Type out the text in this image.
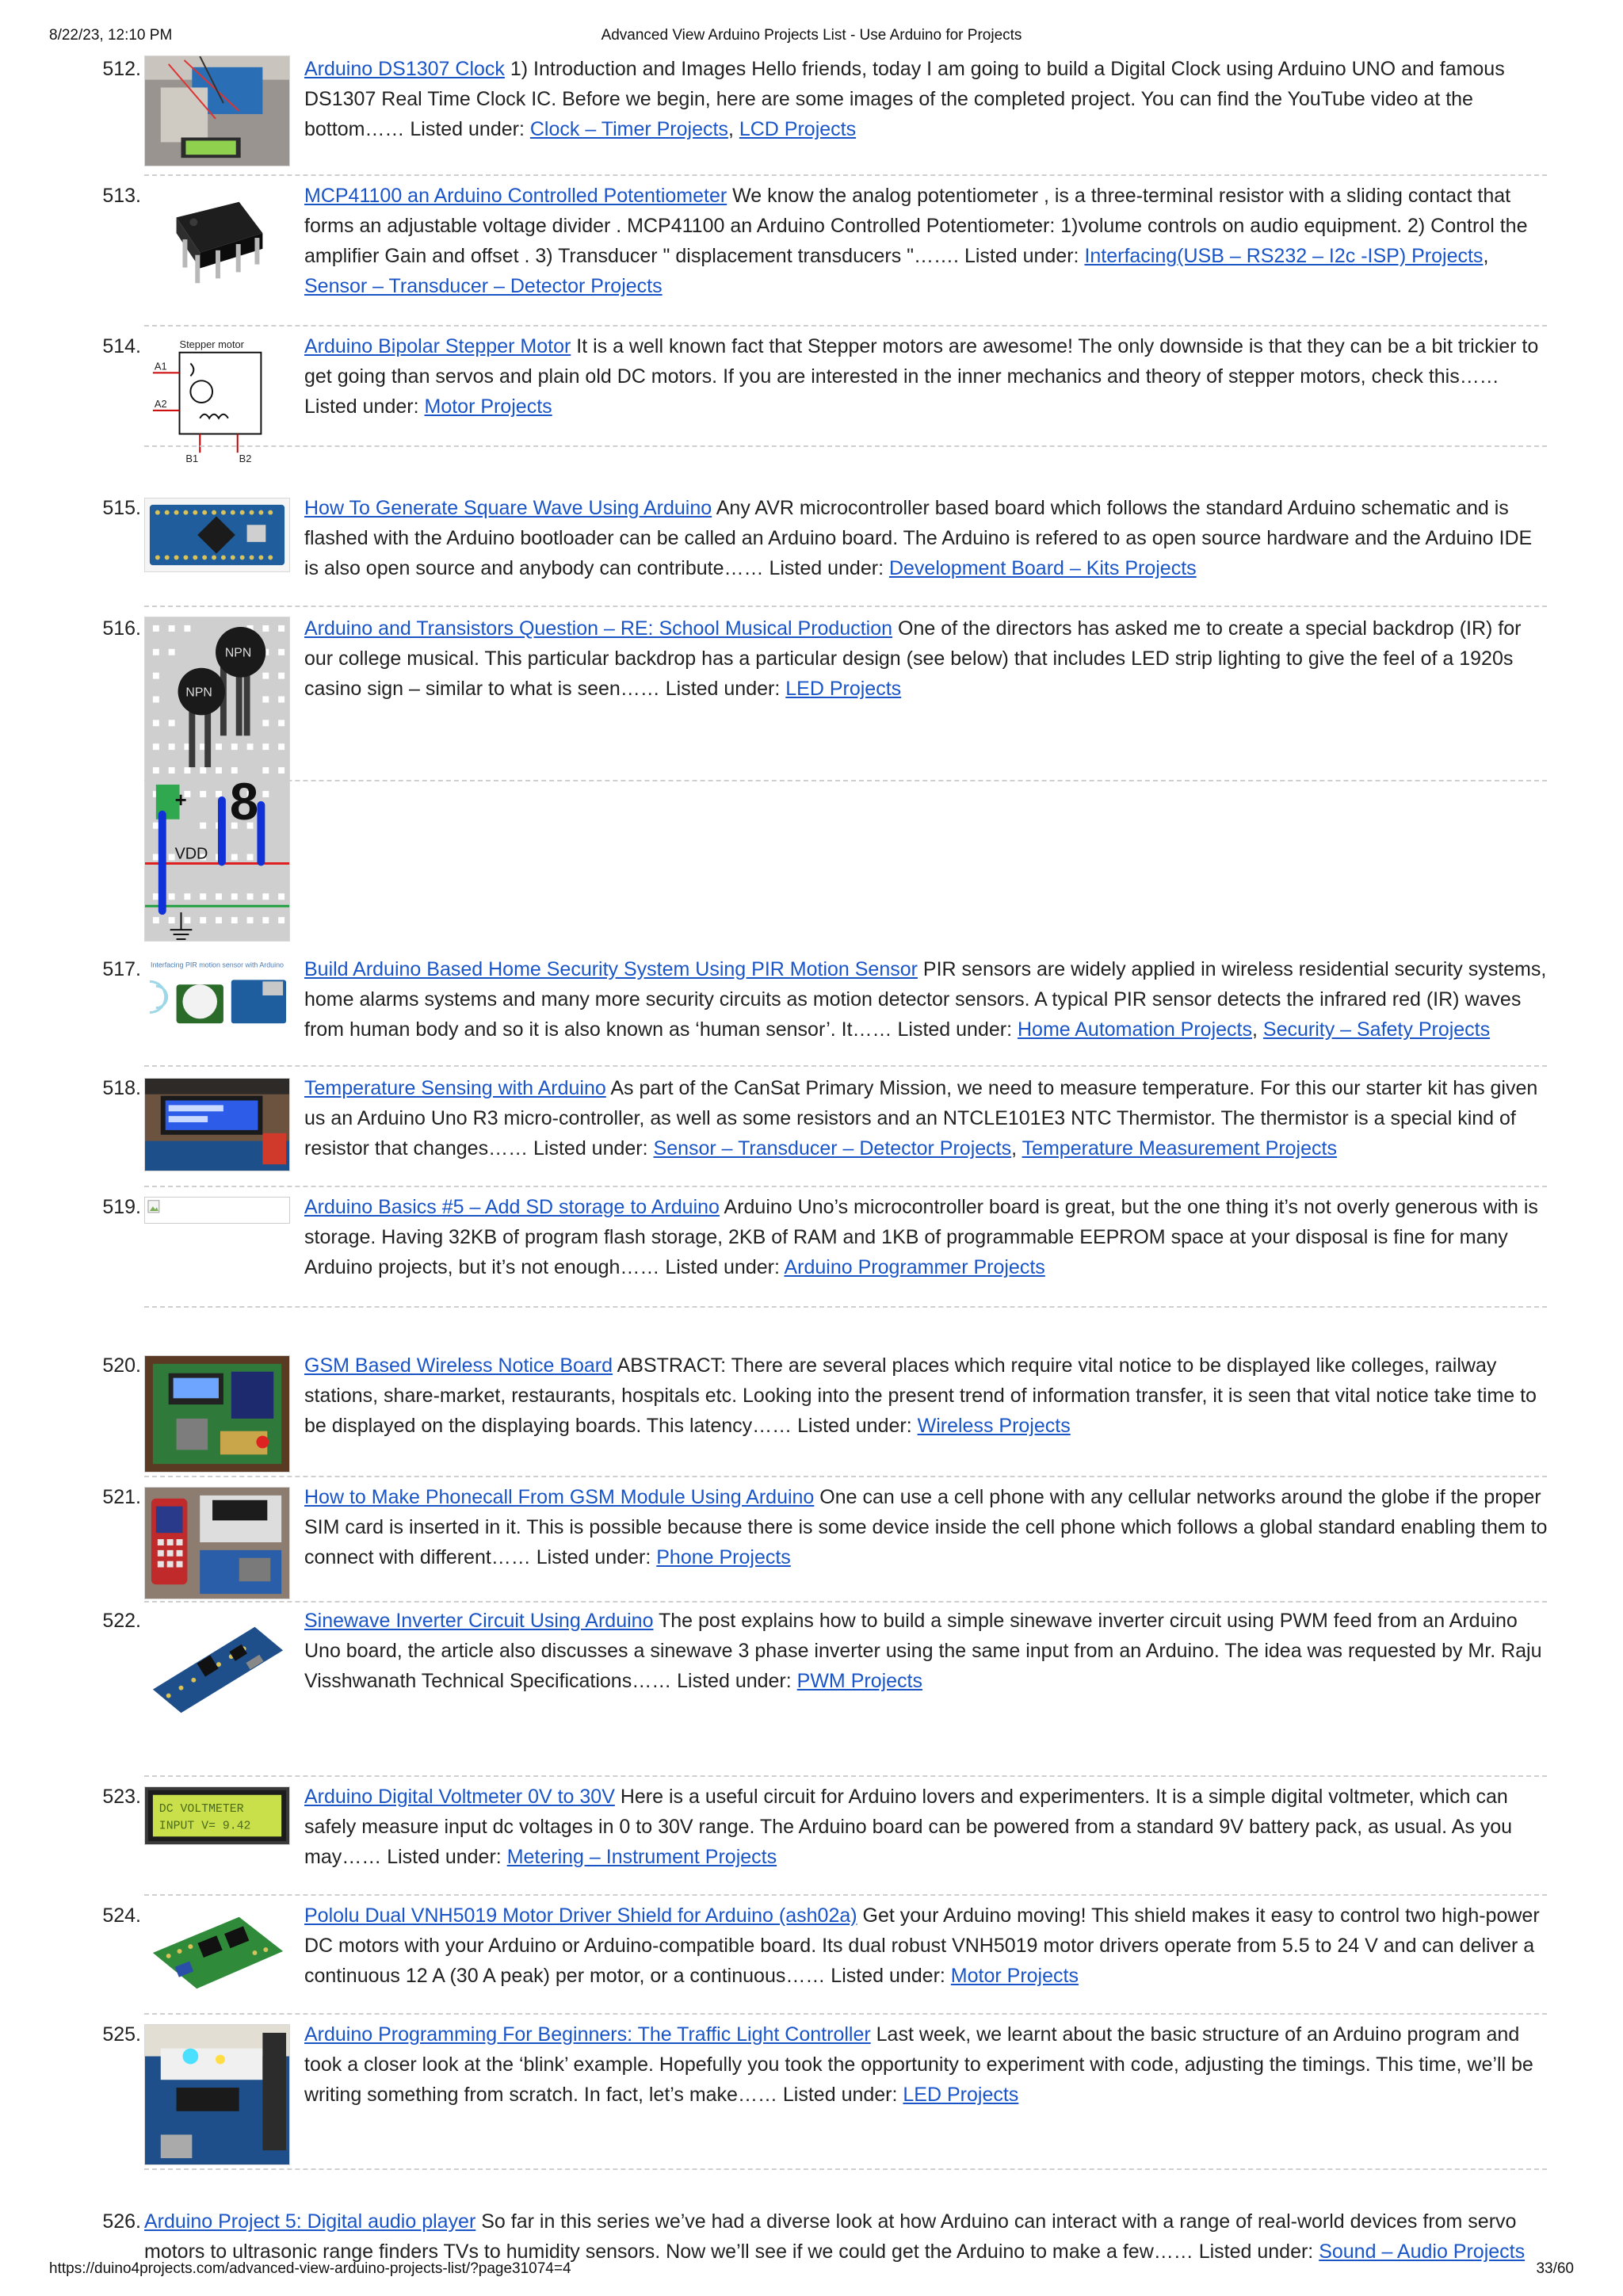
8/22/23, 12:10 PM	Advanced View Arduino Projects List - Use Arduino for Projects
512.	Arduino DS1307 Clock 1) Introduction and Images Hello friends, today I am going to build a Digital Clock using Arduino UNO and famous DS1307 Real Time Clock IC. Before we begin, here are some images of the completed project. You can find the YouTube video at the bottom…… Listed under: Clock – Timer Projects, LCD Projects
513.	MCP41100 an Arduino Controlled Potentiometer We know the analog potentiometer , is a three-terminal resistor with a sliding contact that forms an adjustable voltage divider . MCP41100 an Arduino Controlled Potentiometer: 1)volume controls on audio equipment. 2) Control the amplifier Gain and offset . 3) Transducer " displacement transducers "……. Listed under: Interfacing(USB – RS232 – I2c -ISP) Projects, Sensor – Transducer – Detector Projects
514.	Stepper motor
A1
A2
B1	B2
Arduino Bipolar Stepper Motor It is a well known fact that Stepper motors are awesome! The only downside is that they can be a bit trickier to get going than servos and plain old DC motors. If you are interested in the inner mechanics and theory of stepper motors, check this…… Listed under: Motor Projects
515.	How To Generate Square Wave Using Arduino Any AVR microcontroller based board which follows the standard Arduino schematic and is flashed with the Arduino bootloader can be called an Arduino board. The Arduino is refered to as open source hardware and the Arduino IDE is also open source and anybody can contribute…… Listed under: Development Board – Kits Projects
516.
NPN
NPN
8
+
VDD
Arduino and Transistors Question – RE: School Musical Production One of the directors has asked me to create a special backdrop (IR) for our college musical. This particular backdrop has a particular design (see below) that includes LED strip lighting to give the feel of a 1920s casino sign – similar to what is seen…… Listed under: LED Projects
517. Interfacing PIR motion sensor with Arduino Build Arduino Based Home Security System Using PIR Motion Sensor PIR sensors are widely applied in wireless residential security systems, home alarms systems and many more security circuits as motion detector sensors. A typical PIR sensor detects the infrared red (IR) waves from human body and so it is also known as ‘human sensor’. It…… Listed under: Home Automation Projects, Security – Safety Projects
518.	Temperature Sensing with Arduino As part of the CanSat Primary Mission, we need to measure temperature. For this our starter kit has given us an Arduino Uno R3 micro-controller, as well as some resistors and an NTCLE101E3 NTC Thermistor. The thermistor is a special kind of resistor that changes…… Listed under: Sensor – Transducer – Detector Projects, Temperature Measurement Projects
519.	Arduino Basics #5 – Add SD storage to Arduino Arduino Uno’s microcontroller board is great, but the one thing it’s not overly generous with is storage. Having 32KB of program flash storage, 2KB of RAM and 1KB of programmable EEPROM space at your disposal is fine for many Arduino projects, but it’s not enough…… Listed under: Arduino Programmer Projects
520.	GSM Based Wireless Notice Board ABSTRACT: There are several places which require vital notice to be displayed like colleges, railway stations, share-market, restaurants, hospitals etc. Looking into the present trend of information transfer, it is seen that vital notice take time to be displayed on the displaying boards. This latency…… Listed under: Wireless Projects
521.	How to Make Phonecall From GSM Module Using Arduino One can use a cell phone with any cellular networks around the globe if the proper SIM card is inserted in it. This is possible because there is some device inside the cell phone which follows a global standard enabling them to connect with different…… Listed under: Phone Projects
522.	Sinewave Inverter Circuit Using Arduino The post explains how to build a simple sinewave inverter circuit using PWM feed from an Arduino Uno board, the article also discusses a sinewave 3 phase inverter using the same input from an Arduino. The idea was requested by Mr. Raju Visshwanath Technical Specifications…… Listed under: PWM Projects
523.
DC VOLTMETER
INPUT V= 9.42
Arduino Digital Voltmeter 0V to 30V Here is a useful circuit for Arduino lovers and experimenters. It is a simple digital voltmeter, which can safely measure input dc voltages in 0 to 30V range. The Arduino board can be powered from a standard 9V battery pack, as usual. As you may…… Listed under: Metering – Instrument Projects
524.	Pololu Dual VNH5019 Motor Driver Shield for Arduino (ash02a) Get your Arduino moving! This shield makes it easy to control two high-power DC motors with your Arduino or Arduino-compatible board. Its dual robust VNH5019 motor drivers operate from 5.5 to 24 V and can deliver a continuous 12 A (30 A peak) per motor, or a continuous…… Listed under: Motor Projects
525.	Arduino Programming For Beginners: The Traffic Light Controller Last week, we learnt about the basic structure of an Arduino program and took a closer look at the ‘blink’ example. Hopefully you took the opportunity to experiment with code, adjusting the timings. This time, we’ll be writing something from scratch. In fact, let’s make…… Listed under: LED Projects
526. Arduino Project 5: Digital audio player So far in this series we’ve had a diverse look at how Arduino can interact with a range of real-world devices from servo motors to ultrasonic range finders TVs to humidity sensors. Now we’ll see if we could get the Arduino to make a few…… Listed under: Sound – Audio Projects
https://duino4projects.com/advanced-view-arduino-projects-list/?page31074=4	33/60
